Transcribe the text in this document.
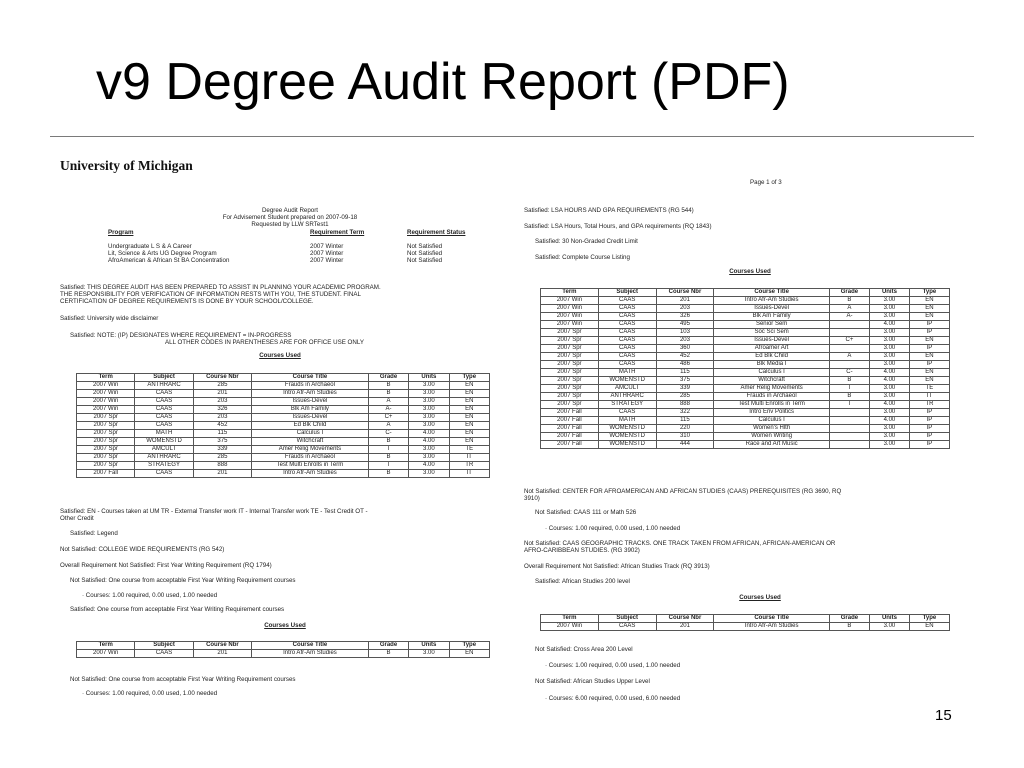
v9 Degree Audit Report (PDF)
University of Michigan
Page 1 of 3
Degree Audit Report
For Advisement Student prepared on 2007-09-18
Requested by LLW SRTest1
Program	Requirement Term	Requirement Status
Undergraduate L S & A Career	2007 Winter	Not Satisfied
Lit, Science & Arts UG Degree Program	2007 Winter	Not Satisfied
AfroAmerican & African St BA Concentration	2007 Winter	Not Satisfied
Satisfied: THIS DEGREE AUDIT HAS BEEN PREPARED TO ASSIST IN PLANNING YOUR ACADEMIC PROGRAM.
THE RESPONSIBILITY FOR VERIFICATION OF INFORMATION RESTS WITH YOU, THE STUDENT. FINAL
CERTIFICATION OF DEGREE REQUIREMENTS IS DONE BY YOUR SCHOOL/COLLEGE.
Satisfied: University wide disclaimer
Satisfied: NOTE: (IP) DESIGNATES WHERE REQUIREMENT = IN-PROGRESS
ALL OTHER CODES IN PARENTHESES ARE FOR OFFICE USE ONLY
Courses Used
Term	Subject	Course Nbr	Course Title	Grade	Units	Type
2007 Win	ANTHRARC	285	Frauds in Archaeol	B	3.00	EN
2007 Win	CAAS	201	Intro Afr-Am Studies	B	3.00	EN
2007 Win	CAAS	203	Issues-Devel	A	3.00	EN
2007 Win	CAAS	326	Blk Am Family	A-	3.00	EN
2007 Spr	CAAS	203	Issues-Devel	C+	3.00	EN
2007 Spr	CAAS	452	Ed Blk Child	A	3.00	EN
2007 Spr	MATH	115	Calculus I	C-	4.00	EN
2007 Spr	WOMENSTD	375	Witchcraft	B	4.00	EN
2007 Spr	AMCULT	339	Amer Relig Movements	T	3.00	TE
2007 Spr	ANTHRARC	285	Frauds in Archaeol	B	3.00	IT
2007 Spr	STRATEGY	888	Test Multi Enrolls in Term	T	4.00	TR
2007 Fall	CAAS	201	Intro Afr-Am Studies	B	3.00	IT
Satisfied: EN - Courses taken at UM TR - External Transfer work IT - Internal Transfer work TE - Test Credit OT -
Other Credit
Satisfied: Legend
Not Satisfied: COLLEGE WIDE REQUIREMENTS (RG 542)
Overall Requirement Not Satisfied: First Year Writing Requirement (RQ 1794)
Not Satisfied: One course from acceptable First Year Writing Requirement courses
· Courses: 1.00 required, 0.00 used, 1.00 needed
Satisfied: One course from acceptable First Year Writing Requirement courses
Courses Used
Term	Subject	Course Nbr	Course Title	Grade	Units	Type
2007 Win	CAAS	201	Intro Afr-Am Studies	B	3.00	EN
Not Satisfied: One course from acceptable First Year Writing Requirement courses
· Courses: 1.00 required, 0.00 used, 1.00 needed
Satisfied: LSA HOURS AND GPA REQUIREMENTS (RG 544)
Satisfied: LSA Hours, Total Hours, and GPA requirements (RQ 1843)
Satisfied: 30 Non-Graded Credit Limit
Satisfied: Complete Course Listing
Courses Used
Term	Subject	Course Nbr	Course Title	Grade	Units	Type
2007 Win	CAAS	201	Intro Afr-Am Studies	B	3.00	EN
2007 Win	CAAS	203	Issues-Devel	A	3.00	EN
2007 Win	CAAS	326	Blk Am Family	A-	3.00	EN
2007 Win	CAAS	495	Senior Sem		4.00	IP
2007 Spr	CAAS	103	Soc Sci Sem		3.00	IP
2007 Spr	CAAS	203	Issues-Devel	C+	3.00	EN
2007 Spr	CAAS	360	Afroamer Art		3.00	IP
2007 Spr	CAAS	452	Ed Blk Child	A	3.00	EN
2007 Spr	CAAS	486	Blk Media I		3.00	IP
2007 Spr	MATH	115	Calculus I	C-	4.00	EN
2007 Spr	WOMENSTD	375	Witchcraft	B	4.00	EN
2007 Spr	AMCULT	339	Amer Relig Movements	T	3.00	TE
2007 Spr	ANTHRARC	285	Frauds in Archaeol	B	3.00	IT
2007 Spr	STRATEGY	888	Test Multi Enrolls in Term	T	4.00	TR
2007 Fall	CAAS	322	Intro Env Politics		3.00	IP
2007 Fall	MATH	115	Calculus I		4.00	IP
2007 Fall	WOMENSTD	220	Women's Hlth		3.00	IP
2007 Fall	WOMENSTD	310	Women Writing		3.00	IP
2007 Fall	WOMENSTD	444	Race and Art Music		3.00	IP
Not Satisfied: CENTER FOR AFROAMERICAN AND AFRICAN STUDIES (CAAS) PREREQUISITES (RG 3690, RQ
3910)
Not Satisfied: CAAS 111 or Math 526
· Courses: 1.00 required, 0.00 used, 1.00 needed
Not Satisfied: CAAS GEOGRAPHIC TRACKS. ONE TRACK TAKEN FROM AFRICAN, AFRICAN-AMERICAN OR
AFRO-CARIBBEAN STUDIES. (RG 3902)
Overall Requirement Not Satisfied: African Studies Track (RQ 3913)
Satisfied: African Studies 200 level
Courses Used
Term	Subject	Course Nbr	Course Title	Grade	Units	Type
2007 Win	CAAS	201	Intro Afr-Am Studies	B	3.00	EN
Not Satisfied: Cross Area 200 Level
· Courses: 1.00 required, 0.00 used, 1.00 needed
Not Satisfied: African Studies Upper Level
· Courses: 6.00 required, 0.00 used, 6.00 needed
15
